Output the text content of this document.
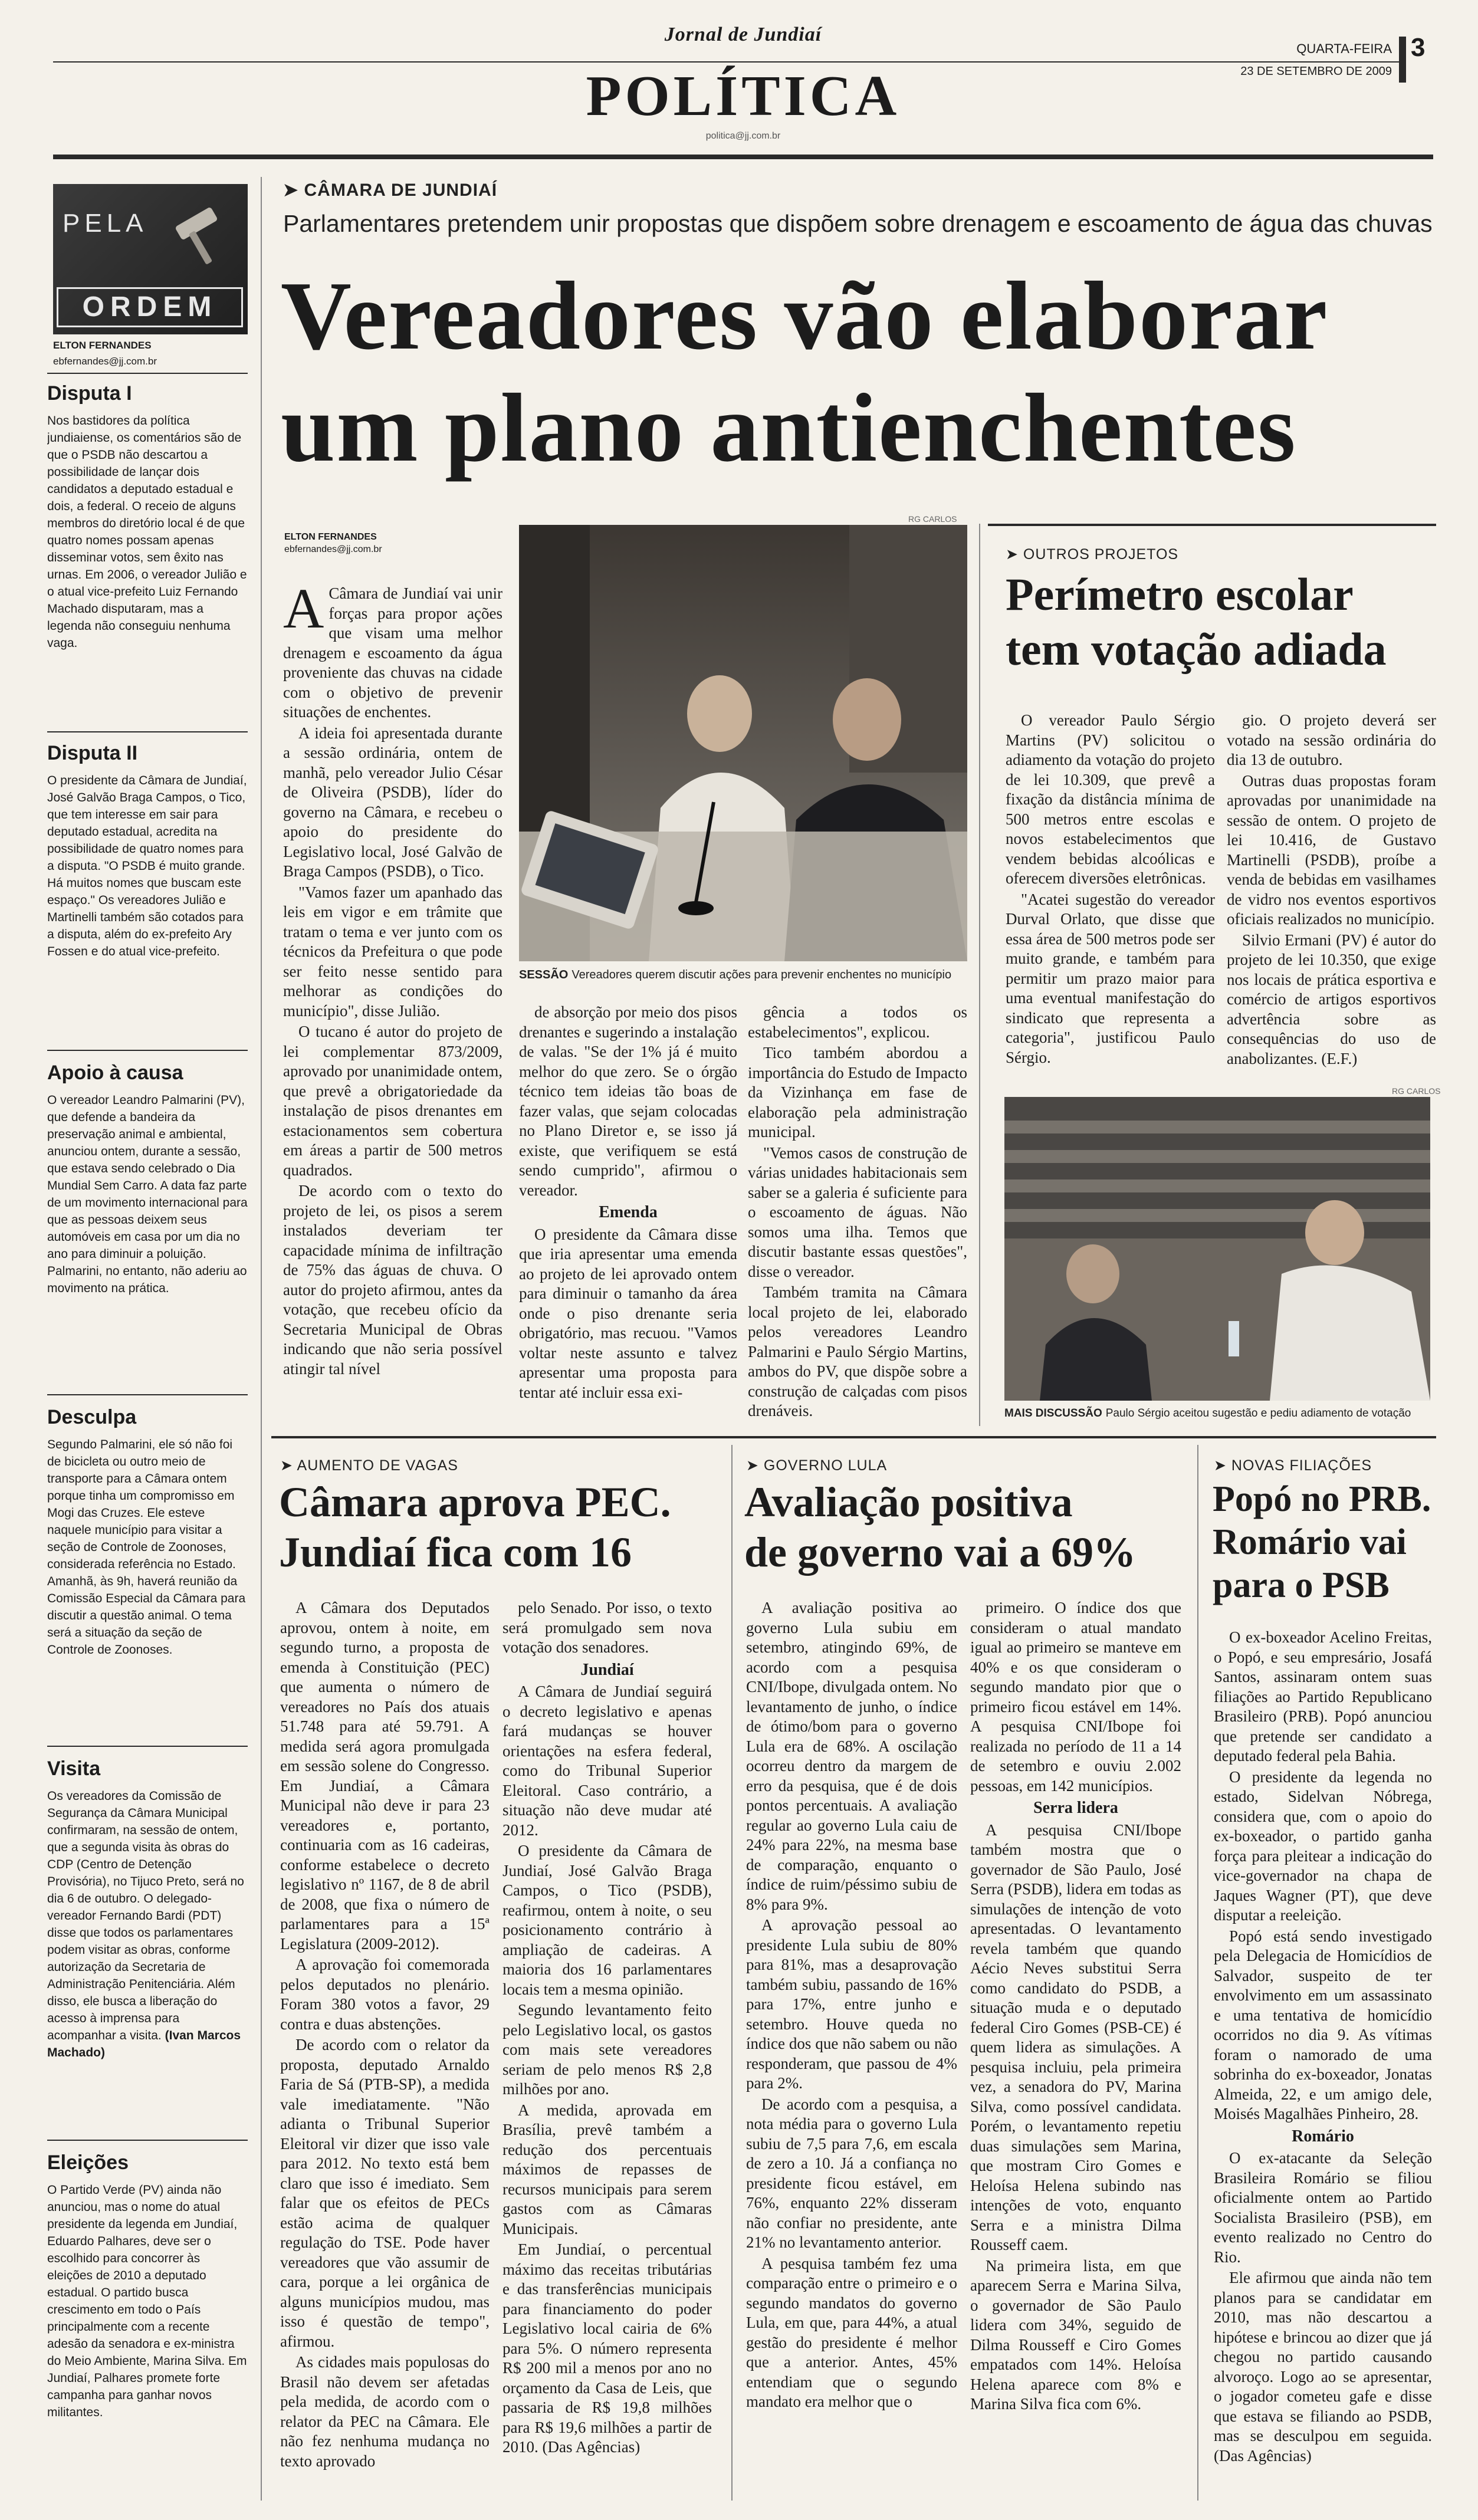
Jornal de Jundiaí
POLÍTICA
politica@jj.com.br
QUARTA-FEIRA
23 DE SETEMBRO DE 2009
3
PELA
ORDEM
ELTON FERNANDES
ebfernandes@jj.com.br
Disputa I

Nos bastidores da política jundiaiense, os comentários são de que o PSDB não descartou a possibilidade de lançar dois candidatos a deputado estadual e dois, a federal. O receio de alguns membros do diretório local é de que quatro nomes possam apenas disseminar votos, sem êxito nas urnas. Em 2006, o vereador Julião e o atual vice-prefeito Luiz Fernando Machado disputaram, mas a legenda não conseguiu nenhuma vaga.

Disputa II

O presidente da Câmara de Jundiaí, José Galvão Braga Campos, o Tico, que tem interesse em sair para deputado estadual, acredita na possibilidade de quatro nomes para a disputa. "O PSDB é muito grande. Há muitos nomes que buscam este espaço." Os vereadores Julião e Martinelli também são cotados para a disputa, além do ex-prefeito Ary Fossen e do atual vice-prefeito.

Apoio à causa

O vereador Leandro Palmarini (PV), que defende a bandeira da preservação animal e ambiental, anunciou ontem, durante a sessão, que estava sendo celebrado o Dia Mundial Sem Carro. A data faz parte de um movimento internacional para que as pessoas deixem seus automóveis em casa por um dia no ano para diminuir a poluição. Palmarini, no entanto, não aderiu ao movimento na prática.

Desculpa

Segundo Palmarini, ele só não foi de bicicleta ou outro meio de transporte para a Câmara ontem porque tinha um compromisso em Mogi das Cruzes. Ele esteve naquele município para visitar a seção de Controle de Zoonoses, considerada referência no Estado. Amanhã, às 9h, haverá reunião da Comissão Especial da Câmara para discutir a questão animal. O tema será a situação da seção de Controle de Zoonoses.

Visita

Os vereadores da Comissão de Segurança da Câmara Municipal confirmaram, na sessão de ontem, que a segunda visita às obras do CDP (Centro de Detenção Provisória), no Tijuco Preto, será no dia 6 de outubro. O delegado-vereador Fernando Bardi (PDT) disse que todos os parlamentares podem visitar as obras, conforme autorização da Secretaria de Administração Penitenciária. Além disso, ele busca a liberação do acesso à imprensa para acompanhar a visita. (Ivan Marcos Machado)

Eleições

O Partido Verde (PV) ainda não anunciou, mas o nome do atual presidente da legenda em Jundiaí, Eduardo Palhares, deve ser o escolhido para concorrer às eleições de 2010 a deputado estadual. O partido busca crescimento em todo o País principalmente com a recente adesão da senadora e ex-ministra do Meio Ambiente, Marina Silva. Em Jundiaí, Palhares promete forte campanha para ganhar novos militantes.

➤ CÂMARA DE JUNDIAÍ
Parlamentares pretendem unir propostas que dispõem sobre drenagem e escoamento de água das chuvas
Vereadores vão elaborar
um plano antienchentes
ELTON FERNANDES
ebfernandes@jj.com.br
RG CARLOS
SESSÃO Vereadores querem discutir ações para prevenir enchentes no município

A Câmara de Jundiaí vai unir forças para propor ações que visam uma melhor drenagem e escoamento da água proveniente das chuvas na cidade com o objetivo de prevenir situações de enchentes.

A ideia foi apresentada durante a sessão ordinária, ontem de manhã, pelo vereador Julio César de Oliveira (PSDB), líder do governo na Câmara, e recebeu o apoio do presidente do Legislativo local, José Galvão de Braga Campos (PSDB), o Tico.

"Vamos fazer um apanhado das leis em vigor e em trâmite que tratam o tema e ver junto com os técnicos da Prefeitura o que pode ser feito nesse sentido para melhorar as condições do município", disse Julião.

O tucano é autor do projeto de lei complementar 873/2009, aprovado por unanimidade ontem, que prevê a obrigatoriedade da instalação de pisos drenantes em estacionamentos sem cobertura em áreas a partir de 500 metros quadrados.

De acordo com o texto do projeto de lei, os pisos a serem instalados deveriam ter capacidade mínima de infiltração de 75% das águas de chuva. O autor do projeto afirmou, antes da votação, que recebeu ofício da Secretaria Municipal de Obras indicando que não seria possível atingir tal nível

de absorção por meio dos pisos drenantes e sugerindo a instalação de valas. "Se der 1% já é muito melhor do que zero. Se o órgão técnico tem ideias tão boas de fazer valas, que sejam colocadas no Plano Diretor e, se isso já existe, que verifiquem se está sendo cumprido", afirmou o vereador.

Emenda

O presidente da Câmara disse que iria apresentar uma emenda ao projeto de lei aprovado ontem para diminuir o tamanho da área onde o piso drenante seria obrigatório, mas recuou. "Vamos voltar neste assunto e talvez apresentar uma proposta para tentar até incluir essa exi-

gência a todos os estabelecimentos", explicou.

Tico também abordou a importância do Estudo de Impacto da Vizinhança em fase de elaboração pela administração municipal.

"Vemos casos de construção de várias unidades habitacionais sem saber se a galeria é suficiente para o escoamento de águas. Não somos uma ilha. Temos que discutir bastante essas questões", disse o vereador.

Também tramita na Câmara local projeto de lei, elaborado pelos vereadores Leandro Palmarini e Paulo Sérgio Martins, ambos do PV, que dispõe sobre a construção de calçadas com pisos drenáveis.

➤ OUTROS PROJETOS
Perímetro escolar
tem votação adiada

O vereador Paulo Sérgio Martins (PV) solicitou o adiamento da votação do projeto de lei 10.309, que prevê a fixação da distância mínima de 500 metros entre escolas e novos estabelecimentos que vendem bebidas alcoólicas e oferecem diversões eletrônicas.

"Acatei sugestão do vereador Durval Orlato, que disse que essa área de 500 metros pode ser muito grande, e também para permitir um prazo maior para uma eventual manifestação do sindicato que representa a categoria", justificou Paulo Sérgio.

gio. O projeto deverá ser votado na sessão ordinária do dia 13 de outubro.

Outras duas propostas foram aprovadas por unanimidade na sessão de ontem. O projeto de lei 10.416, de Gustavo Martinelli (PSDB), proíbe a venda de bebidas em vasilhames de vidro nos eventos esportivos oficiais realizados no município.

Silvio Ermani (PV) é autor do projeto de lei 10.350, que exige nos locais de prática esportiva e comércio de artigos esportivos advertência sobre as consequências do uso de anabolizantes. (E.F.)

RG CARLOS
MAIS DISCUSSÃO Paulo Sérgio aceitou sugestão e pediu adiamento de votação
➤ AUMENTO DE VAGAS
Câmara aprova PEC.
Jundiaí fica com 16

A Câmara dos Deputados aprovou, ontem à noite, em segundo turno, a proposta de emenda à Constituição (PEC) que aumenta o número de vereadores no País dos atuais 51.748 para até 59.791. A medida será agora promulgada em sessão solene do Congresso. Em Jundiaí, a Câmara Municipal não deve ir para 23 vereadores e, portanto, continuaria com as 16 cadeiras, conforme estabelece o decreto legislativo nº 1167, de 8 de abril de 2008, que fixa o número de parlamentares para a 15ª Legislatura (2009-2012).

A aprovação foi comemorada pelos deputados no plenário. Foram 380 votos a favor, 29 contra e duas abstenções.

De acordo com o relator da proposta, deputado Arnaldo Faria de Sá (PTB-SP), a medida vale imediatamente. "Não adianta o Tribunal Superior Eleitoral vir dizer que isso vale para 2012. No texto está bem claro que isso é imediato. Sem falar que os efeitos de PECs estão acima de qualquer regulação do TSE. Pode haver vereadores que vão assumir de cara, porque a lei orgânica de alguns municípios mudou, mas isso é questão de tempo", afirmou.

As cidades mais populosas do Brasil não devem ser afetadas pela medida, de acordo com o relator da PEC na Câmara. Ele não fez nenhuma mudança no texto aprovado

pelo Senado. Por isso, o texto será promulgado sem nova votação dos senadores.

Jundiaí

A Câmara de Jundiaí seguirá o decreto legislativo e apenas fará mudanças se houver orientações na esfera federal, como do Tribunal Superior Eleitoral. Caso contrário, a situação não deve mudar até 2012.

O presidente da Câmara de Jundiaí, José Galvão Braga Campos, o Tico (PSDB), reafirmou, ontem à noite, o seu posicionamento contrário à ampliação de cadeiras. A maioria dos 16 parlamentares locais tem a mesma opinião.

Segundo levantamento feito pelo Legislativo local, os gastos com mais sete vereadores seriam de pelo menos R$ 2,8 milhões por ano.

A medida, aprovada em Brasília, prevê também a redução dos percentuais máximos de repasses de recursos municipais para serem gastos com as Câmaras Municipais.

Em Jundiaí, o percentual máximo das receitas tributárias e das transferências municipais para financiamento do poder Legislativo local cairia de 6% para 5%. O número representa R$ 200 mil a menos por ano no orçamento da Casa de Leis, que passaria de R$ 19,8 milhões para R$ 19,6 milhões a partir de 2010. (Das Agências)

➤ GOVERNO LULA
Avaliação positiva
de governo vai a 69%

A avaliação positiva ao governo Lula subiu em setembro, atingindo 69%, de acordo com a pesquisa CNI/Ibope, divulgada ontem. No levantamento de junho, o índice de ótimo/bom para o governo Lula era de 68%. A oscilação ocorreu dentro da margem de erro da pesquisa, que é de dois pontos percentuais. A avaliação regular ao governo Lula caiu de 24% para 22%, na mesma base de comparação, enquanto o índice de ruim/péssimo subiu de 8% para 9%.

A aprovação pessoal ao presidente Lula subiu de 80% para 81%, mas a desaprovação também subiu, passando de 16% para 17%, entre junho e setembro. Houve queda no índice dos que não sabem ou não responderam, que passou de 4% para 2%.

De acordo com a pesquisa, a nota média para o governo Lula subiu de 7,5 para 7,6, em escala de zero a 10. Já a confiança no presidente ficou estável, em 76%, enquanto 22% disseram não confiar no presidente, ante 21% no levantamento anterior.

A pesquisa também fez uma comparação entre o primeiro e o segundo mandatos do governo Lula, em que, para 44%, a atual gestão do presidente é melhor que a anterior. Antes, 45% entendiam que o segundo mandato era melhor que o

primeiro. O índice dos que consideram o atual mandato igual ao primeiro se manteve em 40% e os que consideram o segundo mandato pior que o primeiro ficou estável em 14%. A pesquisa CNI/Ibope foi realizada no período de 11 a 14 de setembro e ouviu 2.002 pessoas, em 142 municípios.

Serra lidera

A pesquisa CNI/Ibope também mostra que o governador de São Paulo, José Serra (PSDB), lidera em todas as simulações de intenção de voto apresentadas. O levantamento revela também que quando Aécio Neves substitui Serra como candidato do PSDB, a situação muda e o deputado federal Ciro Gomes (PSB-CE) é quem lidera as simulações. A pesquisa incluiu, pela primeira vez, a senadora do PV, Marina Silva, como possível candidata. Porém, o levantamento repetiu duas simulações sem Marina, que mostram Ciro Gomes e Heloísa Helena subindo nas intenções de voto, enquanto Serra e a ministra Dilma Rousseff caem.

Na primeira lista, em que aparecem Serra e Marina Silva, o governador de São Paulo lidera com 34%, seguido de Dilma Rousseff e Ciro Gomes empatados com 14%. Heloísa Helena aparece com 8% e Marina Silva fica com 6%.

➤ NOVAS FILIAÇÕES
Popó no PRB.
Romário vai
para o PSB

O ex-boxeador Acelino Freitas, o Popó, e seu empresário, Josafá Santos, assinaram ontem suas filiações ao Partido Republicano Brasileiro (PRB). Popó anunciou que pretende ser candidato a deputado federal pela Bahia.

O presidente da legenda no estado, Sidelvan Nóbrega, considera que, com o apoio do ex-boxeador, o partido ganha força para pleitear a indicação do vice-governador na chapa de Jaques Wagner (PT), que deve disputar a reeleição.

Popó está sendo investigado pela Delegacia de Homicídios de Salvador, suspeito de ter envolvimento em um assassinato e uma tentativa de homicídio ocorridos no dia 9. As vítimas foram o namorado de uma sobrinha do ex-boxeador, Jonatas Almeida, 22, e um amigo dele, Moisés Magalhães Pinheiro, 28.

Romário

O ex-atacante da Seleção Brasileira Romário se filiou oficialmente ontem ao Partido Socialista Brasileiro (PSB), em evento realizado no Centro do Rio.

Ele afirmou que ainda não tem planos para se candidatar em 2010, mas não descartou a hipótese e brincou ao dizer que já chegou no partido causando alvoroço. Logo ao se apresentar, o jogador cometeu gafe e disse que estava se filiando ao PSDB, mas se desculpou em seguida. (Das Agências)
